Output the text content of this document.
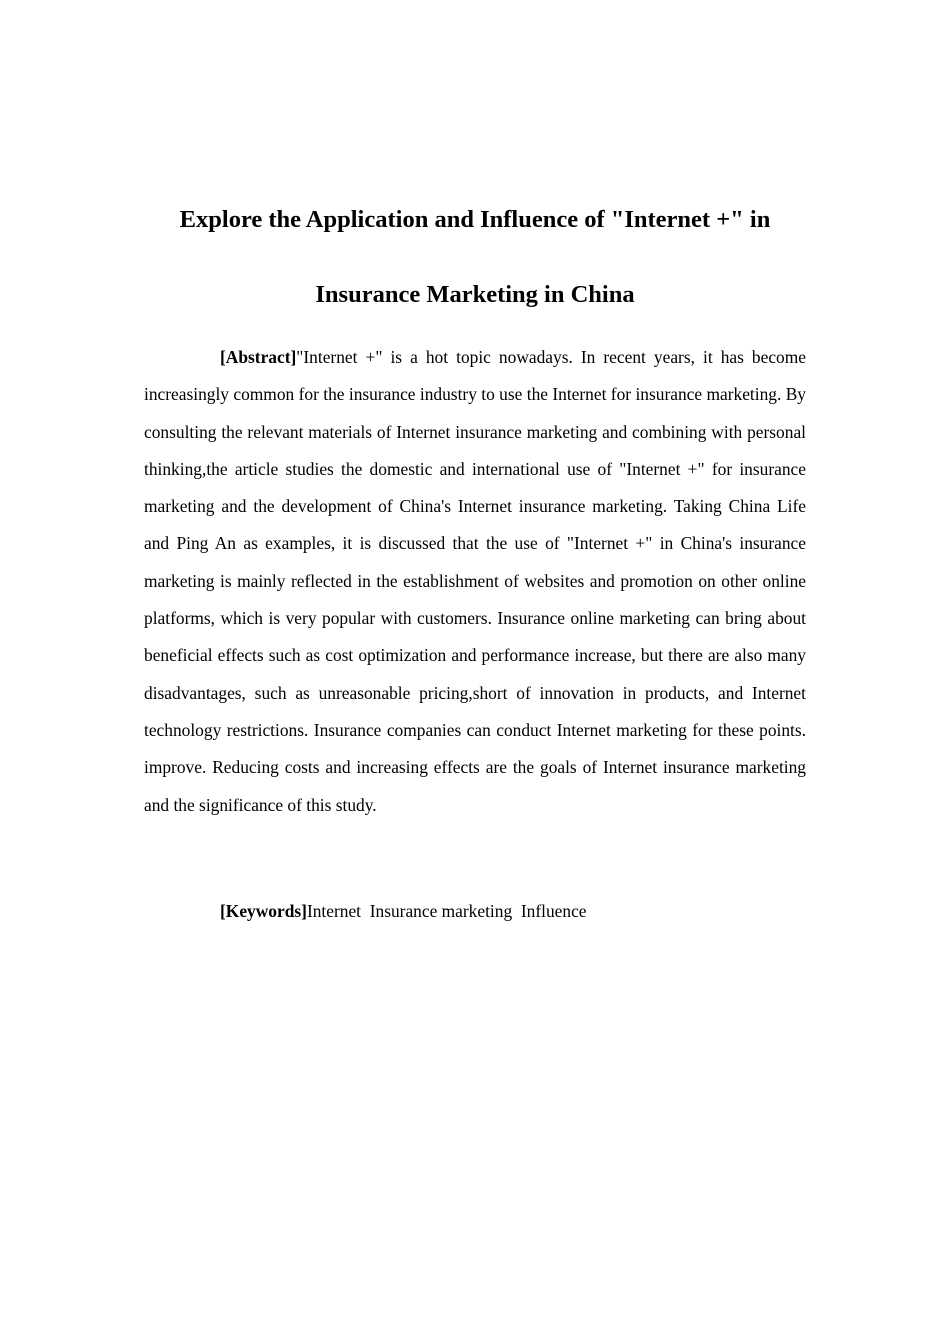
Explore the Application and Influence of "Internet +" in
Insurance Marketing in China

[Abstract]"Internet +" is a hot topic nowadays. In recent years, it has become increasingly common for the insurance industry to use the Internet for insurance marketing. By consulting the relevant materials of Internet insurance marketing and combining with personal thinking,the article studies the domestic and international use of "Internet +" for insurance marketing and the development of China's Internet insurance marketing. Taking China Life and Ping An as examples, it is discussed that the use of "Internet +" in China's insurance marketing is mainly reflected in the establishment of websites and promotion on other online platforms, which is very popular with customers. Insurance online marketing can bring about beneficial effects such as cost optimization and performance increase, but there are also many disadvantages, such as unreasonable pricing,short of innovation in products, and Internet technology restrictions. Insurance companies can conduct Internet marketing for these points. improve. Reducing costs and increasing effects are the goals of Internet insurance marketing and the significance of this study.

[Keywords]Internet  Insurance marketing  Influence
